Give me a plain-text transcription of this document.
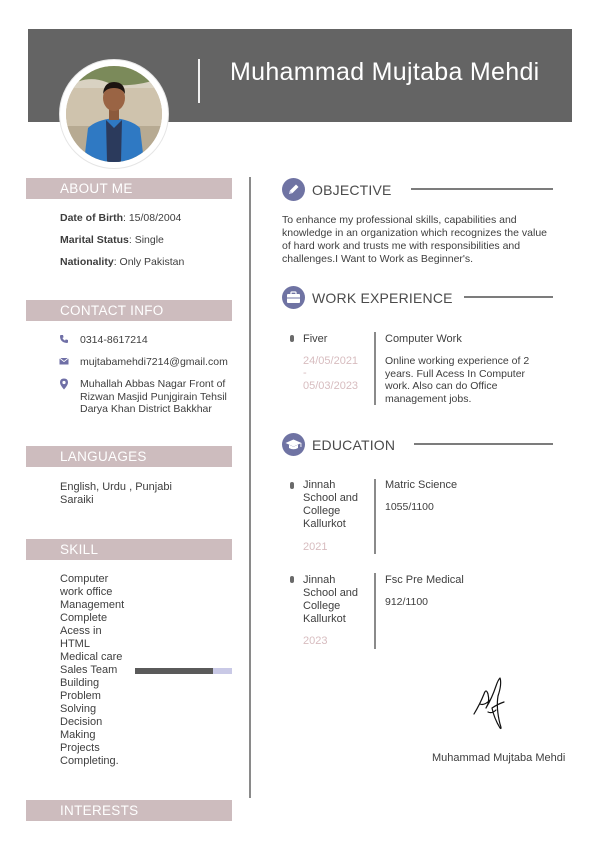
Muhammad Mujtaba Mehdi
ABOUT ME
Date of Birth: 15/08/2004
Marital Status: Single
Nationality: Only Pakistan
CONTACT INFO
0314-8617214
mujtabamehdi7214@gmail.com
Muhallah Abbas Nagar Front of
Rizwan Masjid Punjgirain Tehsil
Darya Khan District Bakkhar
LANGUAGES
English, Urdu , Punjabi
Saraiki
SKILL
Computer
work office
Management
Complete
Acess in
HTML
Medical care
Sales Team
Building
Problem
Solving
Decision
Making
Projects
Completing.
INTERESTS
OBJECTIVE
To enhance my professional skills, capabilities and
knowledge in an organization which recognizes the value
of hard work and trusts me with responsibilities and
challenges.I Want to Work as Beginner's.
WORK EXPERIENCE
Fiver
24/05/2021
-
05/03/2023
Computer Work
Online working experience of 2
years. Full Acess In Computer
work. Also can do Office
management jobs.
EDUCATION
Jinnah
School and
College
Kallurkot
2021
Matric Science
1055/1100
Jinnah
School and
College
Kallurkot
2023
Fsc Pre Medical
912/1100
Muhammad Mujtaba Mehdi
